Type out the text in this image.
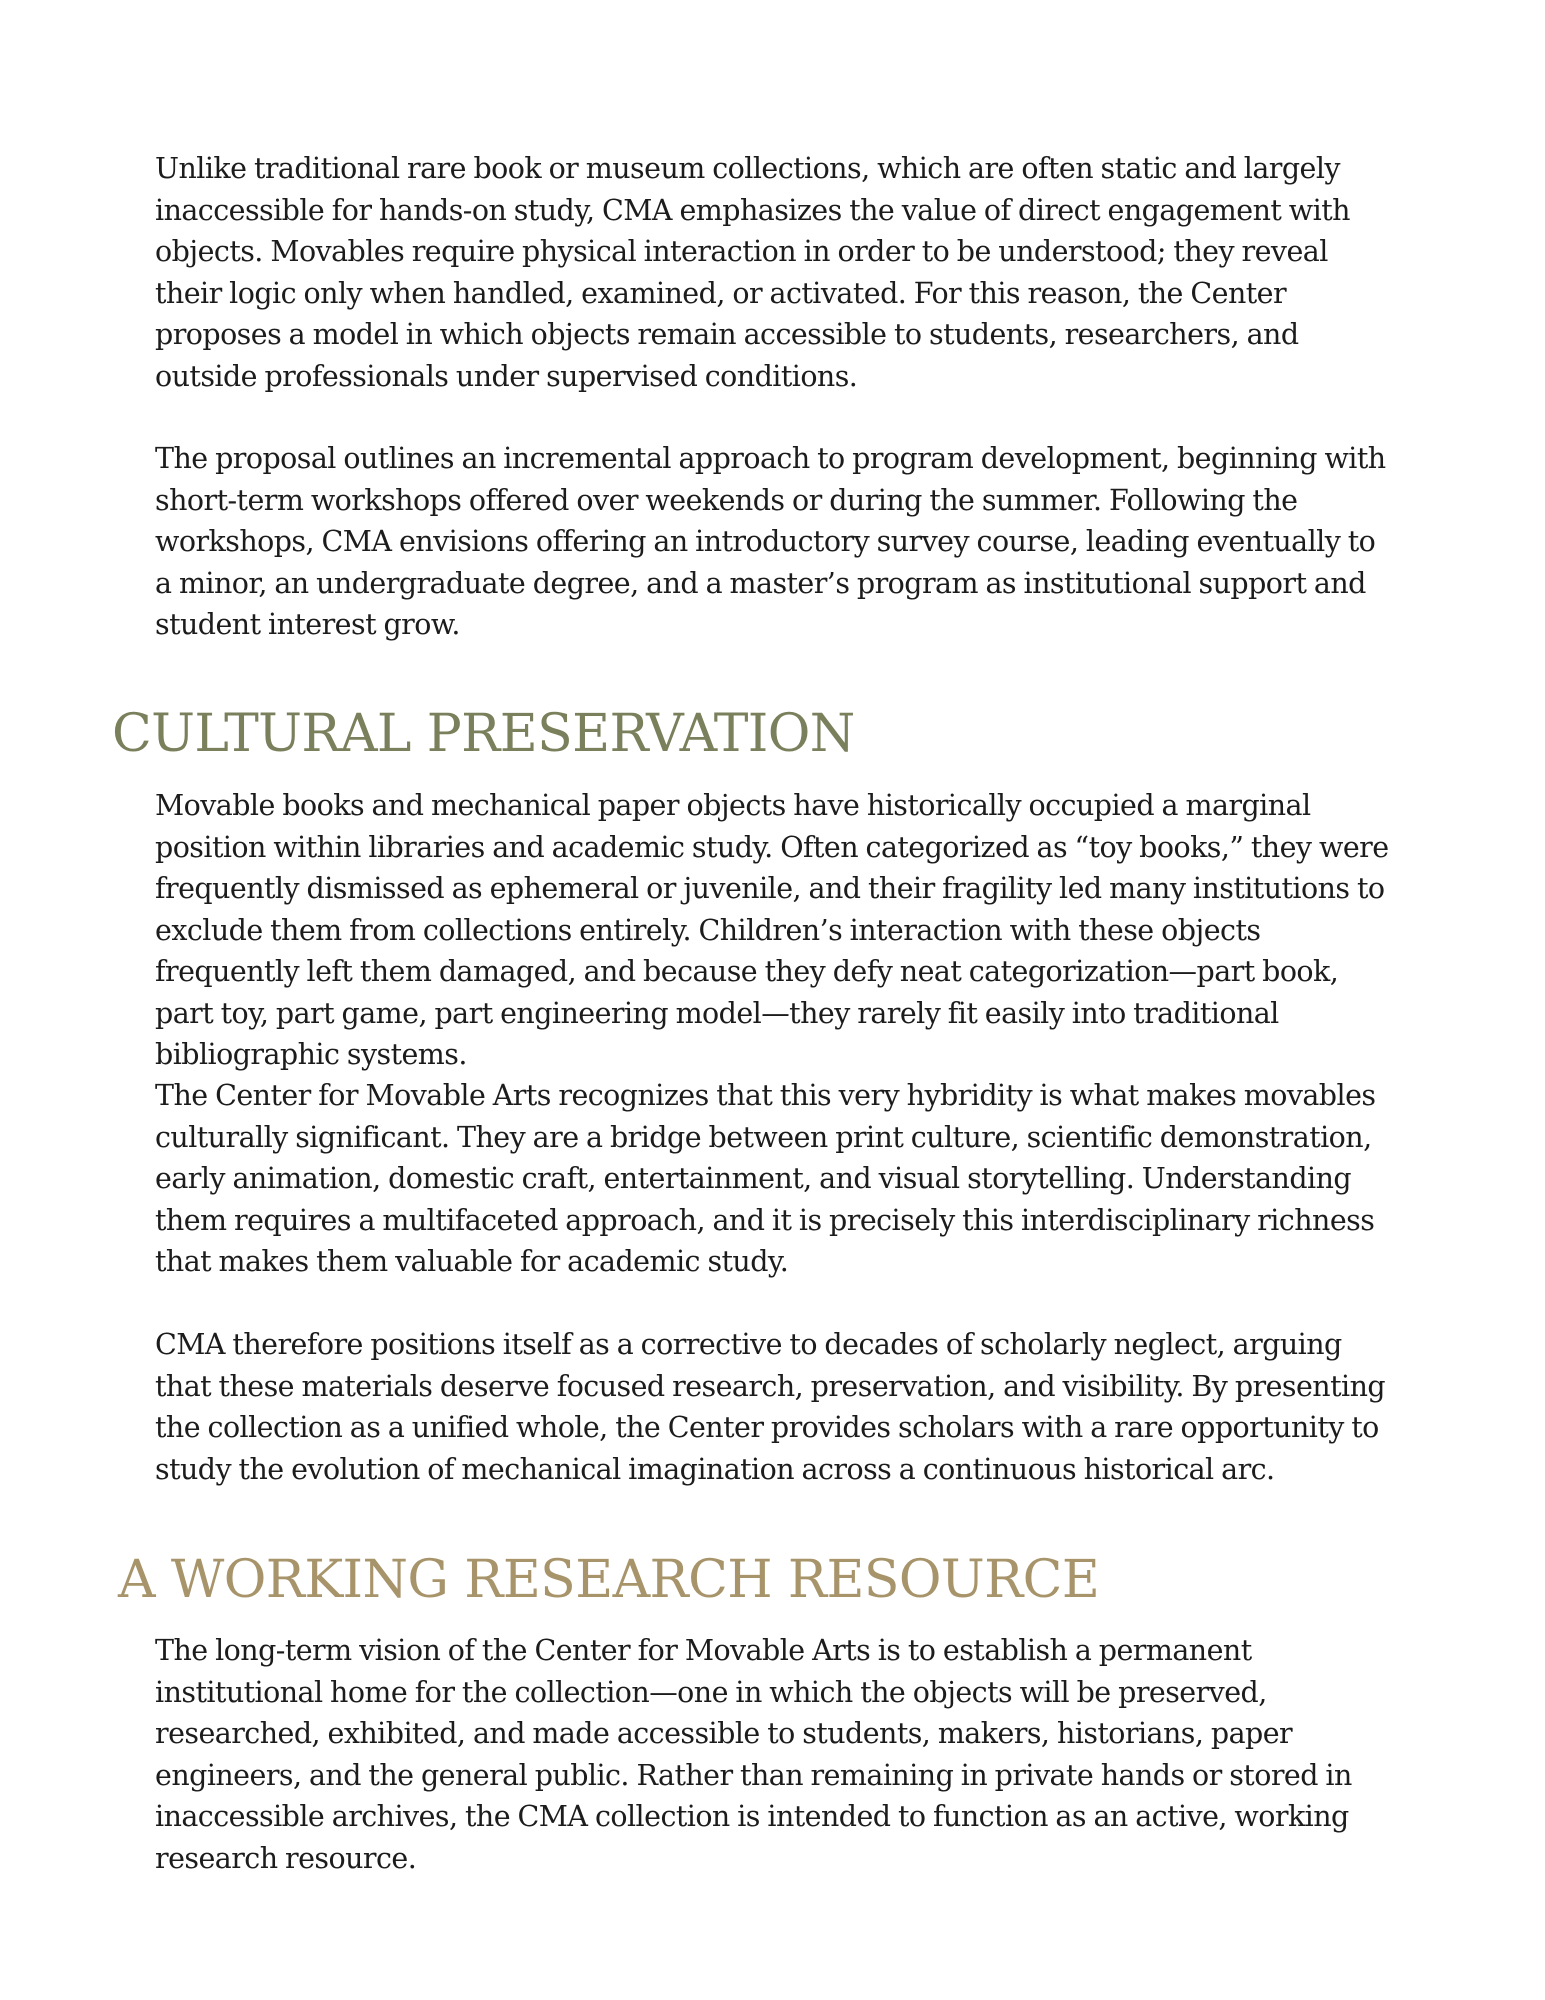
Unlike traditional rare book or museum collections, which are often static and largely inaccessible for hands-on study, CMA emphasizes the value of direct engagement with objects. Movables require physical interaction in order to be understood; they reveal their logic only when handled, examined, or activated. For this reason, the Center proposes a model in which objects remain accessible to students, researchers, and outside professionals under supervised conditions.

The proposal outlines an incremental approach to program development, beginning with short-term workshops offered over weekends or during the summer. Following the workshops, CMA envisions offering an introductory survey course, leading eventually to a minor, an undergraduate degree, and a master’s program as institutional support and student interest grow.

CULTURAL PRESERVATION

Movable books and mechanical paper objects have historically occupied a marginal position within libraries and academic study. Often categorized as “toy books,” they were frequently dismissed as ephemeral or juvenile, and their fragility led many institutions to exclude them from collections entirely. Children’s interaction with these objects frequently left them damaged, and because they defy neat categorization—part book, part toy, part game, part engineering model—they rarely fit easily into traditional bibliographic systems.

The Center for Movable Arts recognizes that this very hybridity is what makes movables culturally significant. They are a bridge between print culture, scientific demonstration, early animation, domestic craft, entertainment, and visual storytelling. Understanding them requires a multifaceted approach, and it is precisely this interdisciplinary richness that makes them valuable for academic study.

CMA therefore positions itself as a corrective to decades of scholarly neglect, arguing that these materials deserve focused research, preservation, and visibility. By presenting the collection as a unified whole, the Center provides scholars with a rare opportunity to study the evolution of mechanical imagination across a continuous historical arc.

A WORKING RESEARCH RESOURCE

The long-term vision of the Center for Movable Arts is to establish a permanent institutional home for the collection—one in which the objects will be preserved, researched, exhibited, and made accessible to students, makers, historians, paper engineers, and the general public. Rather than remaining in private hands or stored in inaccessible archives, the CMA collection is intended to function as an active, working research resource.
